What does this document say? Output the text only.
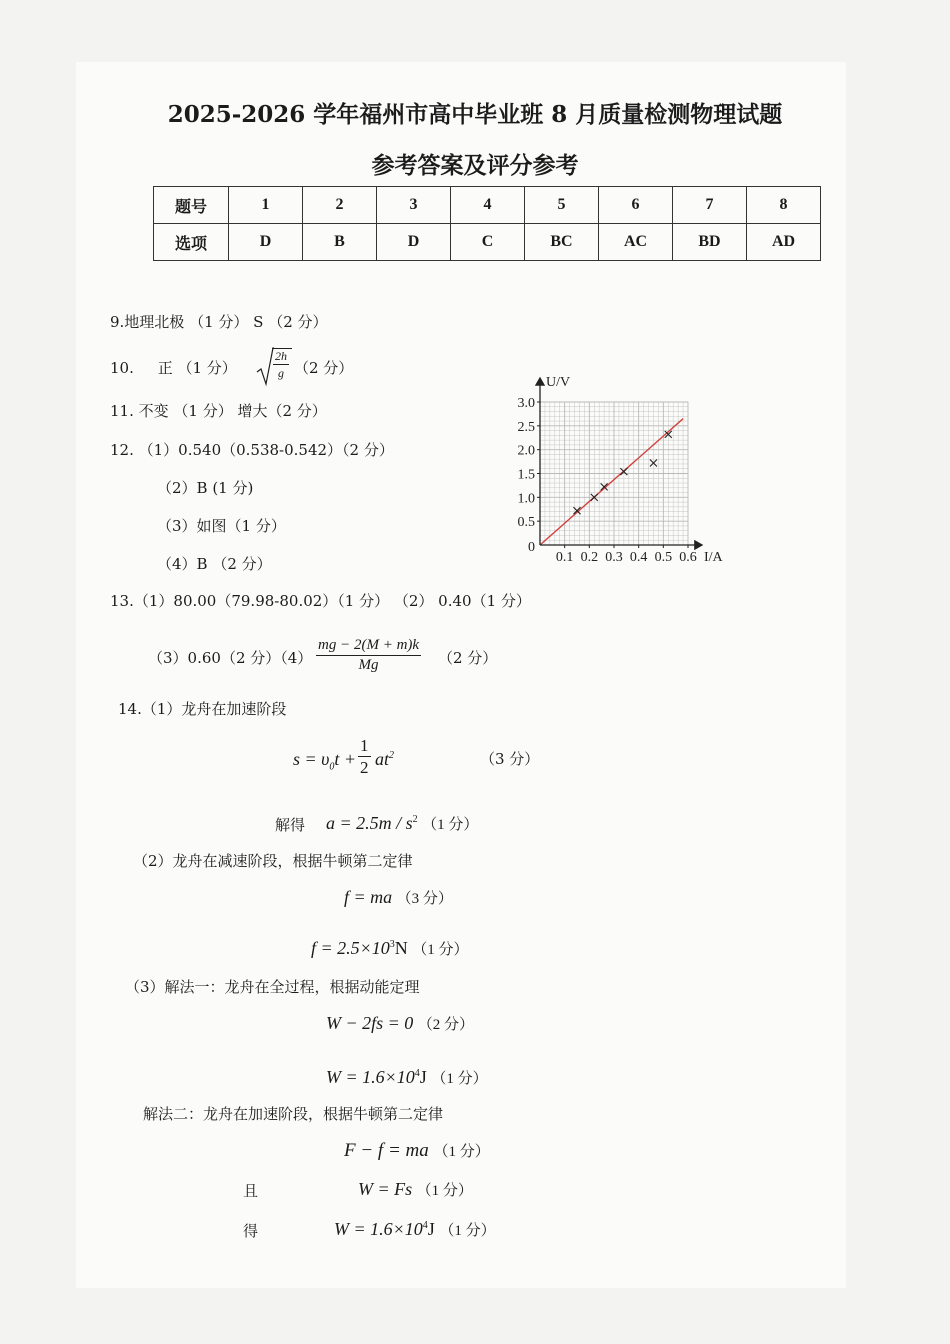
2025-2026 学年福州市高中毕业班 8 月质量检测物理试题
参考答案及评分参考
题号	1	2	3	4	5	6	7	8
选项	D	B	D	C	BC	AC	BD	AD
9.地理北极 （1 分） S （2 分）
10. 正 （1 分）	$\frac{2h}{g} (2$ 分）
11. 不变 （1 分） 增大（2 分）
12. （1）0.540（0.538-0.542）（2 分）
（2）B (1 分)
（3）如图（1 分）
（4）B （2 分）
U/V
I/A
0
0.1 0.2 0.3 0.4 0.5 0.6
0.5
1.0
1.5
2.0
2.5
3.0
13.（1）80.00（79.98-80.02）（1 分） （2） 0.40（1 分）
（3）0.60（2 分）$(4) \frac{mg - 2(M + m)k}{Mg} (2$ 分）
14.（1）龙舟在加速阶段
$s = \upsilon_0t + \frac{1}{2} at^2$	（3 分）
解得 $a = 2.5m / s^2$ （1 分）
（2）龙舟在减速阶段，根据牛顿第二定律
f = ma （3 分）
$f = 2.5\times 10^3N$ （1 分）
（3）解法一：龙舟在全过程，根据动能定理
W − 2fs = 0 （2 分）
$W = 1.6\times 10^4J$ （1 分）
解法二：龙舟在加速阶段，根据牛顿第二定律
F − f = ma （1 分）
且	W = Fs （1 分）
得	$W = 1.6\times 10^4J$ （1 分）
